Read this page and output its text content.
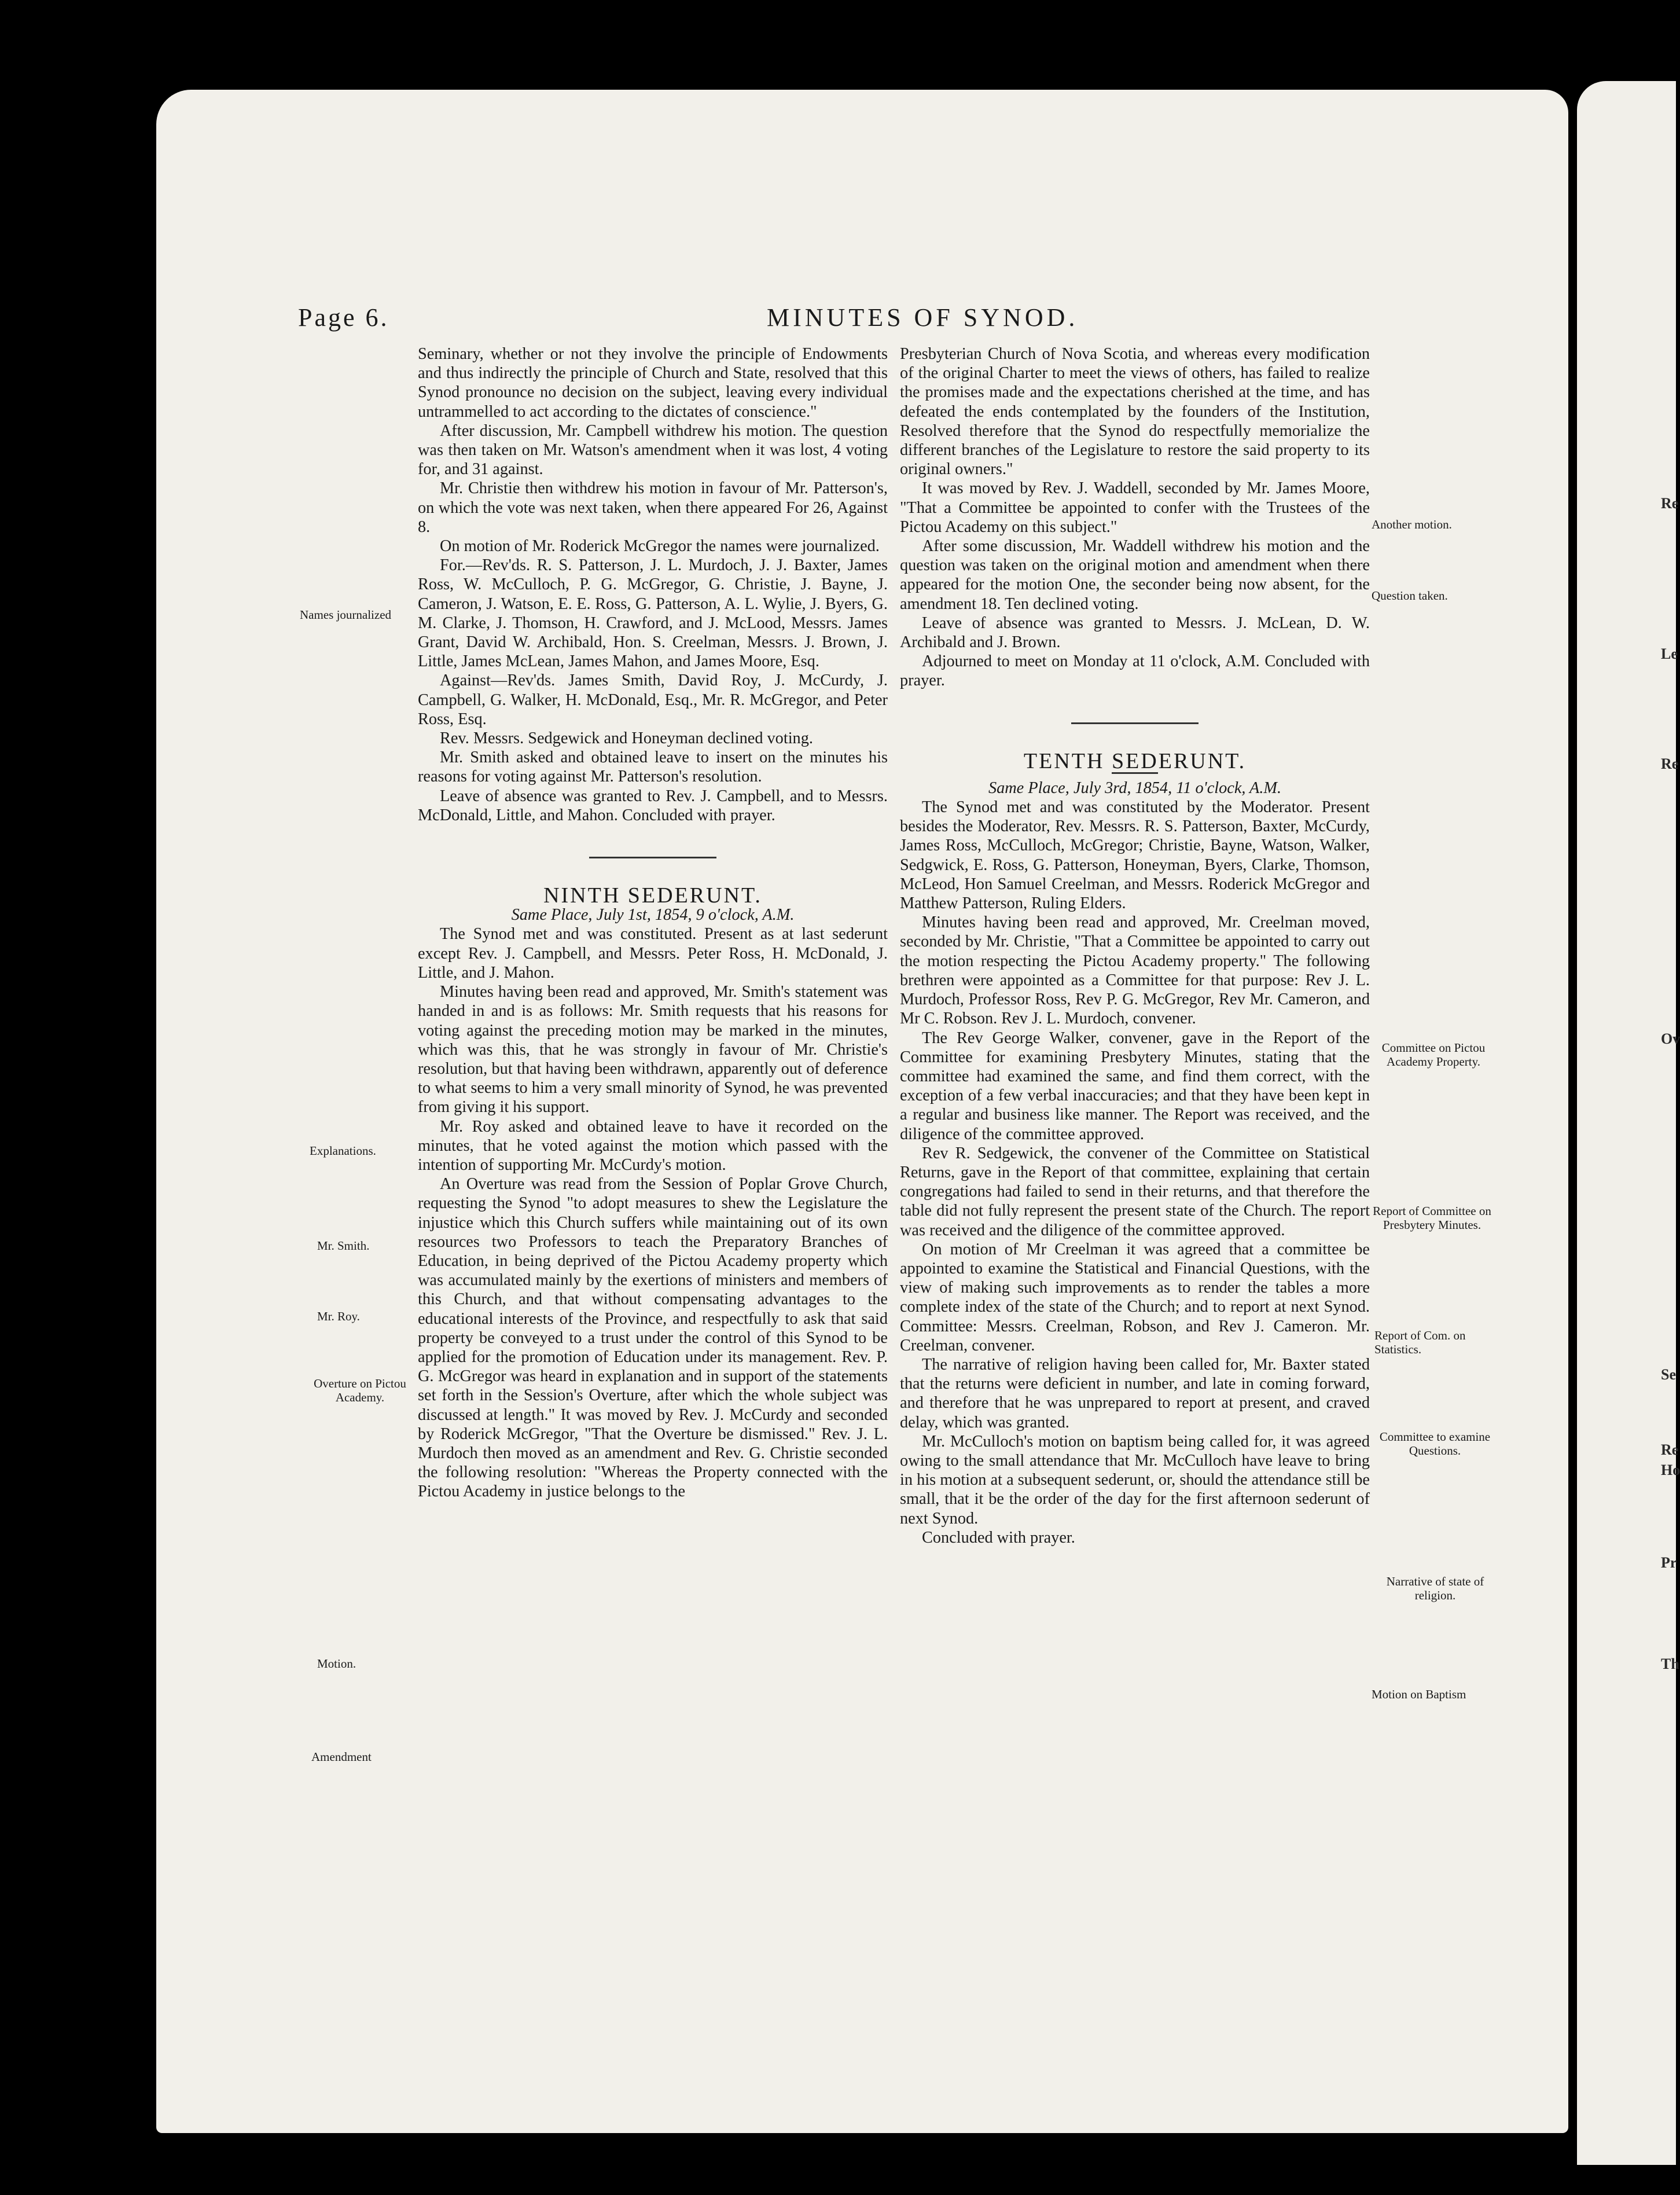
Re
Le
Re
Ov
Se
Re
Ho
Pr
Th
Page 6.	MINUTES OF SYNOD.

Seminary, whether or not they involve the principle of Endowments and thus indirectly the principle of Church and State, resolved that this Synod pronounce no decision on the subject, leaving every individual untrammelled to act according to the dictates of conscience."

After discussion, Mr. Campbell withdrew his motion. The question was then taken on Mr. Watson's amendment when it was lost, 4 voting for, and 31 against.

Mr. Christie then withdrew his motion in favour of Mr. Patterson's, on which the vote was next taken, when there appeared For 26, Against 8.

On motion of Mr. Roderick McGregor the names were journalized.

For.—Rev'ds. R. S. Patterson, J. L. Murdoch, J. J. Baxter, James Ross, W. McCulloch, P. G. McGregor, G. Christie, J. Bayne, J. Cameron, J. Watson, E. E. Ross, G. Patterson, A. L. Wylie, J. Byers, G. M. Clarke, J. Thomson, H. Crawford, and J. McLood, Messrs. James Grant, David W. Archibald, Hon. S. Creelman, Messrs. J. Brown, J. Little, James McLean, James Mahon, and James Moore, Esq.

Against—Rev'ds. James Smith, David Roy, J. McCurdy, J. Campbell, G. Walker, H. McDonald, Esq., Mr. R. McGregor, and Peter Ross, Esq.

Rev. Messrs. Sedgewick and Honeyman declined voting.

Mr. Smith asked and obtained leave to insert on the minutes his reasons for voting against Mr. Patterson's resolution.

Leave of absence was granted to Rev. J. Campbell, and to Messrs. McDonald, Little, and Mahon. Concluded with prayer.

NINTH SEDERUNT.

Same Place, July 1st, 1854, 9 o'clock, A.M.

The Synod met and was constituted. Present as at last sederunt except Rev. J. Campbell, and Messrs. Peter Ross, H. McDonald, J. Little, and J. Mahon.

Minutes having been read and approved, Mr. Smith's statement was handed in and is as follows: Mr. Smith requests that his reasons for voting against the preceding motion may be marked in the minutes, which was this, that he was strongly in favour of Mr. Christie's resolution, but that having been withdrawn, apparently out of deference to what seems to him a very small minority of Synod, he was prevented from giving it his support.

Mr. Roy asked and obtained leave to have it recorded on the minutes, that he voted against the motion which passed with the intention of supporting Mr. McCurdy's motion.

An Overture was read from the Session of Poplar Grove Church, requesting the Synod "to adopt measures to shew the Legislature the injustice which this Church suffers while maintaining out of its own resources two Professors to teach the Preparatory Branches of Education, in being deprived of the Pictou Academy property which was accumulated mainly by the exertions of ministers and members of this Church, and that without compensating advantages to the educational interests of the Province, and respectfully to ask that said property be conveyed to a trust under the control of this Synod to be applied for the promotion of Education under its management. Rev. P. G. McGregor was heard in explanation and in support of the statements set forth in the Session's Overture, after which the whole subject was discussed at length." It was moved by Rev. J. McCurdy and seconded by Roderick McGregor, "That the Overture be dismissed." Rev. J. L. Murdoch then moved as an amendment and Rev. G. Christie seconded the following resolution: "Whereas the Property connected with the Pictou Academy in justice belongs to the

Presbyterian Church of Nova Scotia, and whereas every modification of the original Charter to meet the views of others, has failed to realize the promises made and the expectations cherished at the time, and has defeated the ends contemplated by the founders of the Institution, Resolved therefore that the Synod do respectfully memorialize the different branches of the Legislature to restore the said property to its original owners."

It was moved by Rev. J. Waddell, seconded by Mr. James Moore, "That a Committee be appointed to confer with the Trustees of the Pictou Academy on this subject."

After some discussion, Mr. Waddell withdrew his motion and the question was taken on the original motion and amendment when there appeared for the motion One, the seconder being now absent, for the amendment 18. Ten declined voting.

Leave of absence was granted to Messrs. J. McLean, D. W. Archibald and J. Brown.

Adjourned to meet on Monday at 11 o'clock, A.M. Concluded with prayer.

TENTH SEDERUNT.

Same Place, July 3rd, 1854, 11 o'clock, A.M.

The Synod met and was constituted by the Moderator. Present besides the Moderator, Rev. Messrs. R. S. Patterson, Baxter, McCurdy, James Ross, McCulloch, McGregor; Christie, Bayne, Watson, Walker, Sedgwick, E. Ross, G. Patterson, Honeyman, Byers, Clarke, Thomson, McLeod, Hon Samuel Creelman, and Messrs. Roderick McGregor and Matthew Patterson, Ruling Elders.

Minutes having been read and approved, Mr. Creelman moved, seconded by Mr. Christie, "That a Committee be appointed to carry out the motion respecting the Pictou Academy property." The following brethren were appointed as a Committee for that purpose: Rev J. L. Murdoch, Professor Ross, Rev P. G. McGregor, Rev Mr. Cameron, and Mr C. Robson. Rev J. L. Murdoch, convener.

The Rev George Walker, convener, gave in the Report of the Committee for examining Presbytery Minutes, stating that the committee had examined the same, and find them correct, with the exception of a few verbal inaccuracies; and that they have been kept in a regular and business like manner. The Report was received, and the diligence of the committee approved.

Rev R. Sedgewick, the convener of the Committee on Statistical Returns, gave in the Report of that committee, explaining that certain congregations had failed to send in their returns, and that therefore the table did not fully represent the present state of the Church. The report was received and the diligence of the committee approved.

On motion of Mr Creelman it was agreed that a committee be appointed to examine the Statistical and Financial Questions, with the view of making such improvements as to render the tables a more complete index of the state of the Church; and to report at next Synod. Committee: Messrs. Creelman, Robson, and Rev J. Cameron. Mr. Creelman, convener.

The narrative of religion having been called for, Mr. Baxter stated that the returns were deficient in number, and late in coming forward, and therefore that he was unprepared to report at present, and craved delay, which was granted.

Mr. McCulloch's motion on baptism being called for, it was agreed owing to the small attendance that Mr. McCulloch have leave to bring in his motion at a subsequent sederunt, or, should the attendance still be small, that it be the order of the day for the first afternoon sederunt of next Synod.

Concluded with prayer.

Names journalized
Explanations.
Mr. Smith.
Mr. Roy.
Overture on Pictou Academy.
Motion.
Amendment
Another motion.
Question taken.
Committee on Pictou Academy Property.
Report of Committee on Presbytery Minutes.
Report of Com. on Statistics.
Committee to examine Questions.
Narrative of state of religion.
Motion on Baptism
